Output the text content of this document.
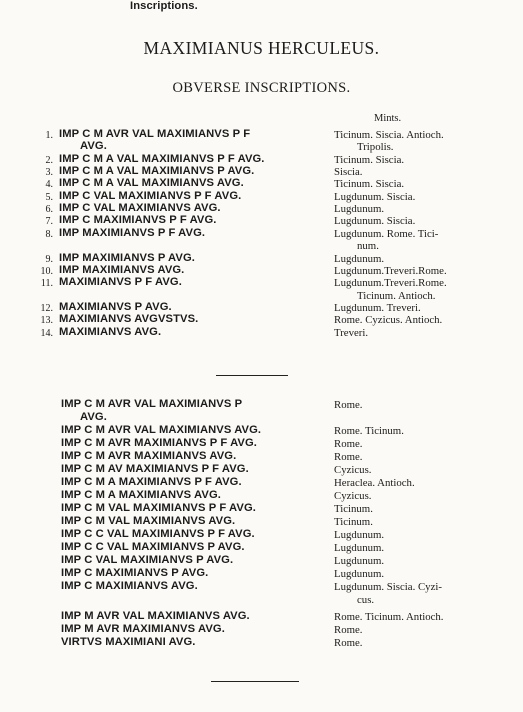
MAXIMIANUS HERCULEUS.
OBVERSE INSCRIPTIONS.
Inscriptions.
Mints.
1. IMP C M AVR VAL MAXIMIANVS P F	Ticinum. Siscia. Antioch.
AVG.	Tripolis.
2. IMP C M A VAL MAXIMIANVS P F AVG.	Ticinum. Siscia.
3. IMP C M A VAL MAXIMIANVS P AVG.	Siscia.
4. IMP C M A VAL MAXIMIANVS AVG.	Ticinum. Siscia.
5. IMP C VAL MAXIMIANVS P F AVG.	Lugdunum. Siscia.
6. IMP C VAL MAXIMIANVS AVG.	Lugdunum.
7. IMP C MAXIMIANVS P F AVG.	Lugdunum. Siscia.
8. IMP MAXIMIANVS P F AVG.	Lugdunum. Rome. Tici-
num.
9. IMP MAXIMIANVS P AVG.	Lugdunum.
10. IMP MAXIMIANVS AVG.	Lugdunum.Treveri.Rome.
11. MAXIMIANVS P F AVG.	Lugdunum.Treveri.Rome.
Ticinum. Antioch.
12. MAXIMIANVS P AVG.	Lugdunum. Treveri.
13. MAXIMIANVS AVGVSTVS.	Rome. Cyzicus. Antioch.
14. MAXIMIANVS AVG.	Treveri.
IMP C M AVR VAL MAXIMIANVS P	Rome.
AVG.
IMP C M AVR VAL MAXIMIANVS AVG.	Rome. Ticinum.
IMP C M AVR MAXIMIANVS P F AVG.	Rome.
IMP C M AVR MAXIMIANVS AVG.	Rome.
IMP C M AV MAXIMIANVS P F AVG.	Cyzicus.
IMP C M A MAXIMIANVS P F AVG.	Heraclea. Antioch.
IMP C M A MAXIMIANVS AVG.	Cyzicus.
IMP C M VAL MAXIMIANVS P F AVG.	Ticinum.
IMP C M VAL MAXIMIANVS AVG.	Ticinum.
IMP C C VAL MAXIMIANVS P F AVG.	Lugdunum.
IMP C C VAL MAXIMIANVS P AVG.	Lugdunum.
IMP C VAL MAXIMIANVS P AVG.	Lugdunum.
IMP C MAXIMIANVS P AVG.	Lugdunum.
IMP C MAXIMIANVS AVG.	Lugdunum. Siscia. Cyzi-
cus.
IMP M AVR VAL MAXIMIANVS AVG.	Rome. Ticinum. Antioch.
IMP M AVR MAXIMIANVS AVG.	Rome.
VIRTVS MAXIMIANI AVG.	Rome.
